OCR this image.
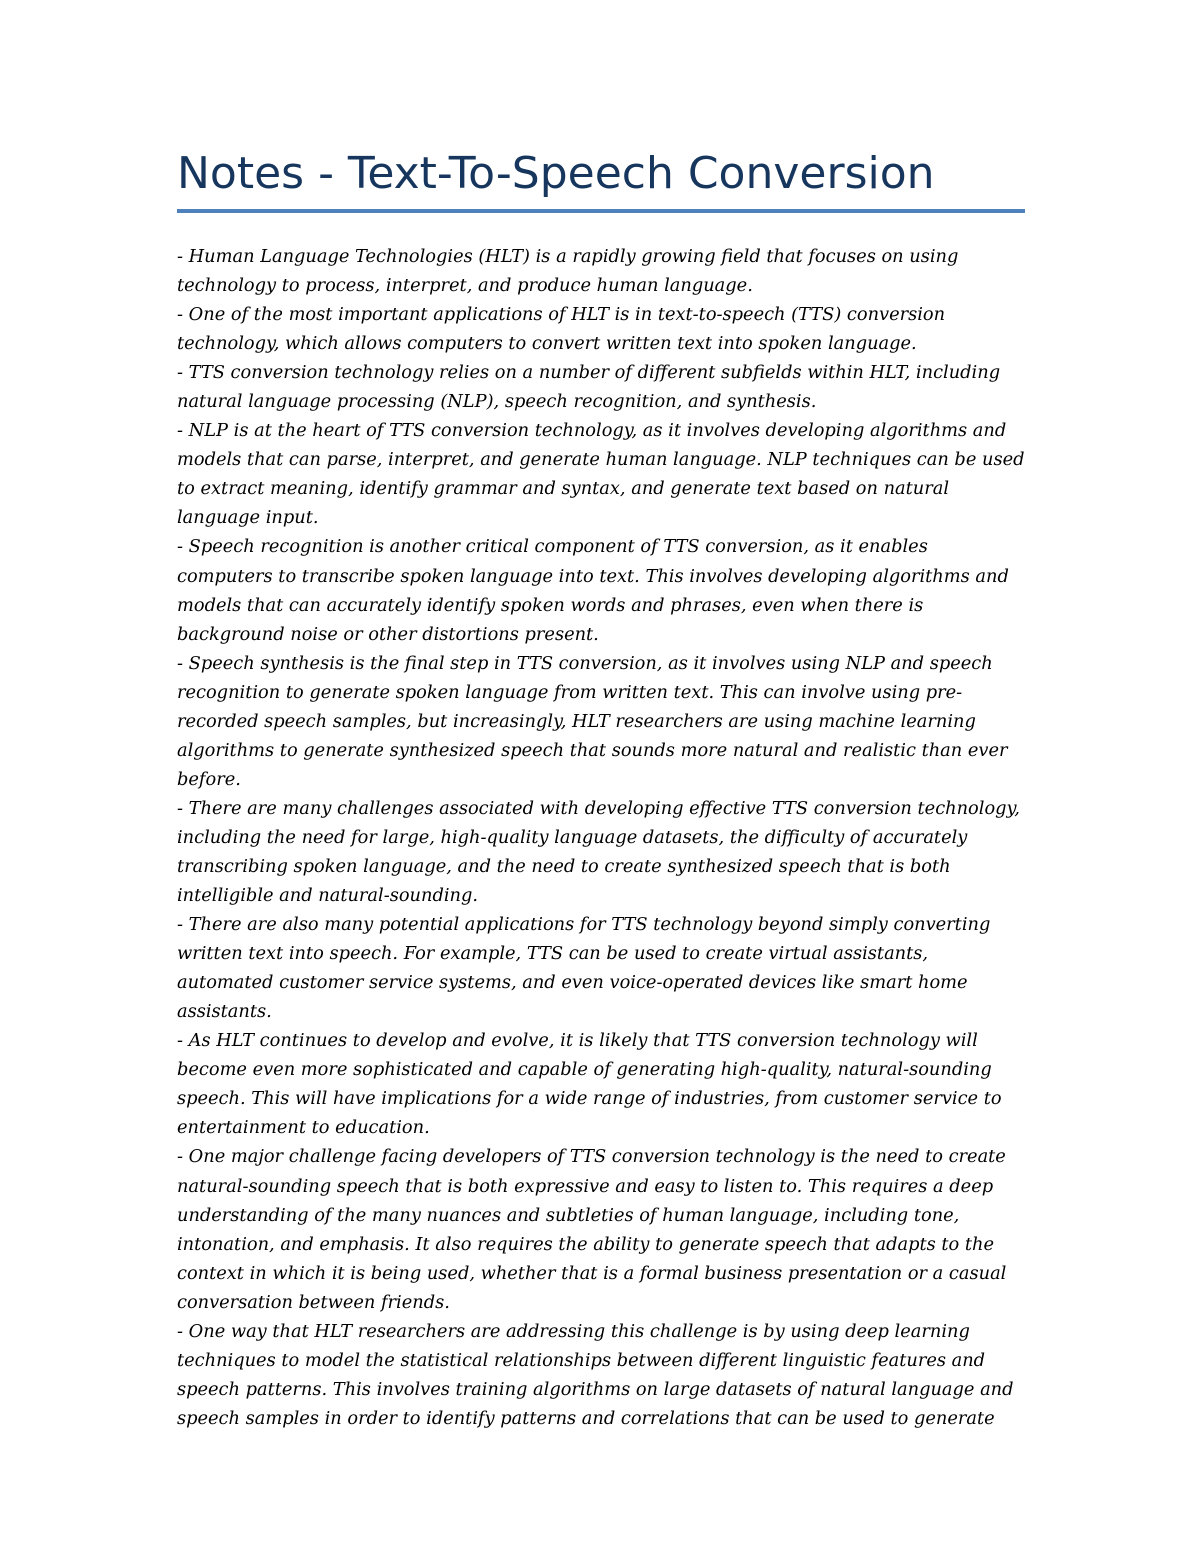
Notes - Text-To-Speech Conversion
- Human Language Technologies (HLT) is a rapidly growing field that focuses on using technology to process, interpret, and produce human language.
- One of the most important applications of HLT is in text-to-speech (TTS) conversion technology, which allows computers to convert written text into spoken language.
- TTS conversion technology relies on a number of different subfields within HLT, including natural language processing (NLP), speech recognition, and synthesis.
- NLP is at the heart of TTS conversion technology, as it involves developing algorithms and models that can parse, interpret, and generate human language. NLP techniques can be used to extract meaning, identify grammar and syntax, and generate text based on natural language input.
- Speech recognition is another critical component of TTS conversion, as it enables computers to transcribe spoken language into text. This involves developing algorithms and models that can accurately identify spoken words and phrases, even when there is background noise or other distortions present.
- Speech synthesis is the final step in TTS conversion, as it involves using NLP and speech recognition to generate spoken language from written text. This can involve using pre-recorded speech samples, but increasingly, HLT researchers are using machine learning algorithms to generate synthesized speech that sounds more natural and realistic than ever before.
- There are many challenges associated with developing effective TTS conversion technology, including the need for large, high-quality language datasets, the difficulty of accurately transcribing spoken language, and the need to create synthesized speech that is both intelligible and natural-sounding.
- There are also many potential applications for TTS technology beyond simply converting written text into speech. For example, TTS can be used to create virtual assistants, automated customer service systems, and even voice-operated devices like smart home assistants.
- As HLT continues to develop and evolve, it is likely that TTS conversion technology will become even more sophisticated and capable of generating high-quality, natural-sounding speech. This will have implications for a wide range of industries, from customer service to entertainment to education.
- One major challenge facing developers of TTS conversion technology is the need to create natural-sounding speech that is both expressive and easy to listen to. This requires a deep understanding of the many nuances and subtleties of human language, including tone, intonation, and emphasis. It also requires the ability to generate speech that adapts to the context in which it is being used, whether that is a formal business presentation or a casual conversation between friends.
- One way that HLT researchers are addressing this challenge is by using deep learning techniques to model the statistical relationships between different linguistic features and speech patterns. This involves training algorithms on large datasets of natural language and speech samples in order to identify patterns and correlations that can be used to generate
